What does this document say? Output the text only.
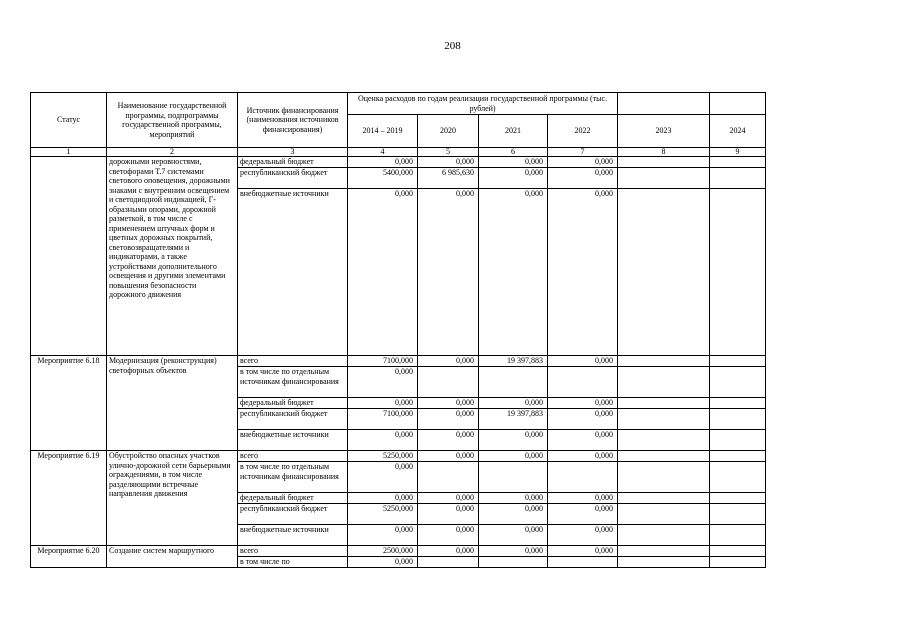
208
Статус	Наименование государственной программы, подпрограммы государственной программы, мероприятий	Источник финансирования (наименования источников финансирования)	Оценка расходов по годам реализации государственной программы (тыс. рублей)					
			2014 – 2019	2020	2021	2022	2023	2024
1	2	3	4	5	6	7	8	9
	дорожными неровностями, светофорами Т.7 системами светового оповещения, дорожными знаками с внутренним освещением и светодиодной индикацией, Г-образными опорами, дорожной разметкой, в том числе с применением штучных форм и цветных дорожных покрытий, световозвращателями и индикаторами, а также устройствами дополнительного освещения и другими элементами повышения безопасности дорожного движения	федеральный бюджет	0,000	0,000	0,000	0,000		
		республиканский бюджет	5400,000	6 985,630	0,000	0,000		
		внебюджетные источники	0,000	0,000	0,000	0,000		
Мероприятие 6.18	Модернизация (реконструкция) светофорных объектов	всего	7100,000	0,000	19 397,883	0,000		
		в том числе по отдельным источникам финансирования	0,000					
		федеральный бюджет	0,000	0,000	0,000	0,000		
		республиканский бюджет	7100,000	0,000	19 397,883	0,000		
		внебюджетные источники	0,000	0,000	0,000	0,000		
Мероприятие 6.19	Обустройство опасных участков улично-дорожной сети барьерными ограждениями, в том числе разделяющими встречные направления движения	всего	5250,000	0,000	0,000	0,000		
		в том числе по отдельным источникам финансирования	0,000					
		федеральный бюджет	0,000	0,000	0,000	0,000		
		республиканский бюджет	5250,000	0,000	0,000	0,000		
		внебюджетные источники	0,000	0,000	0,000	0,000		
Мероприятие 6.20	Создание систем маршрутного	всего	2500,000	0,000	0,000	0,000		
		в том числе по	0,000					
